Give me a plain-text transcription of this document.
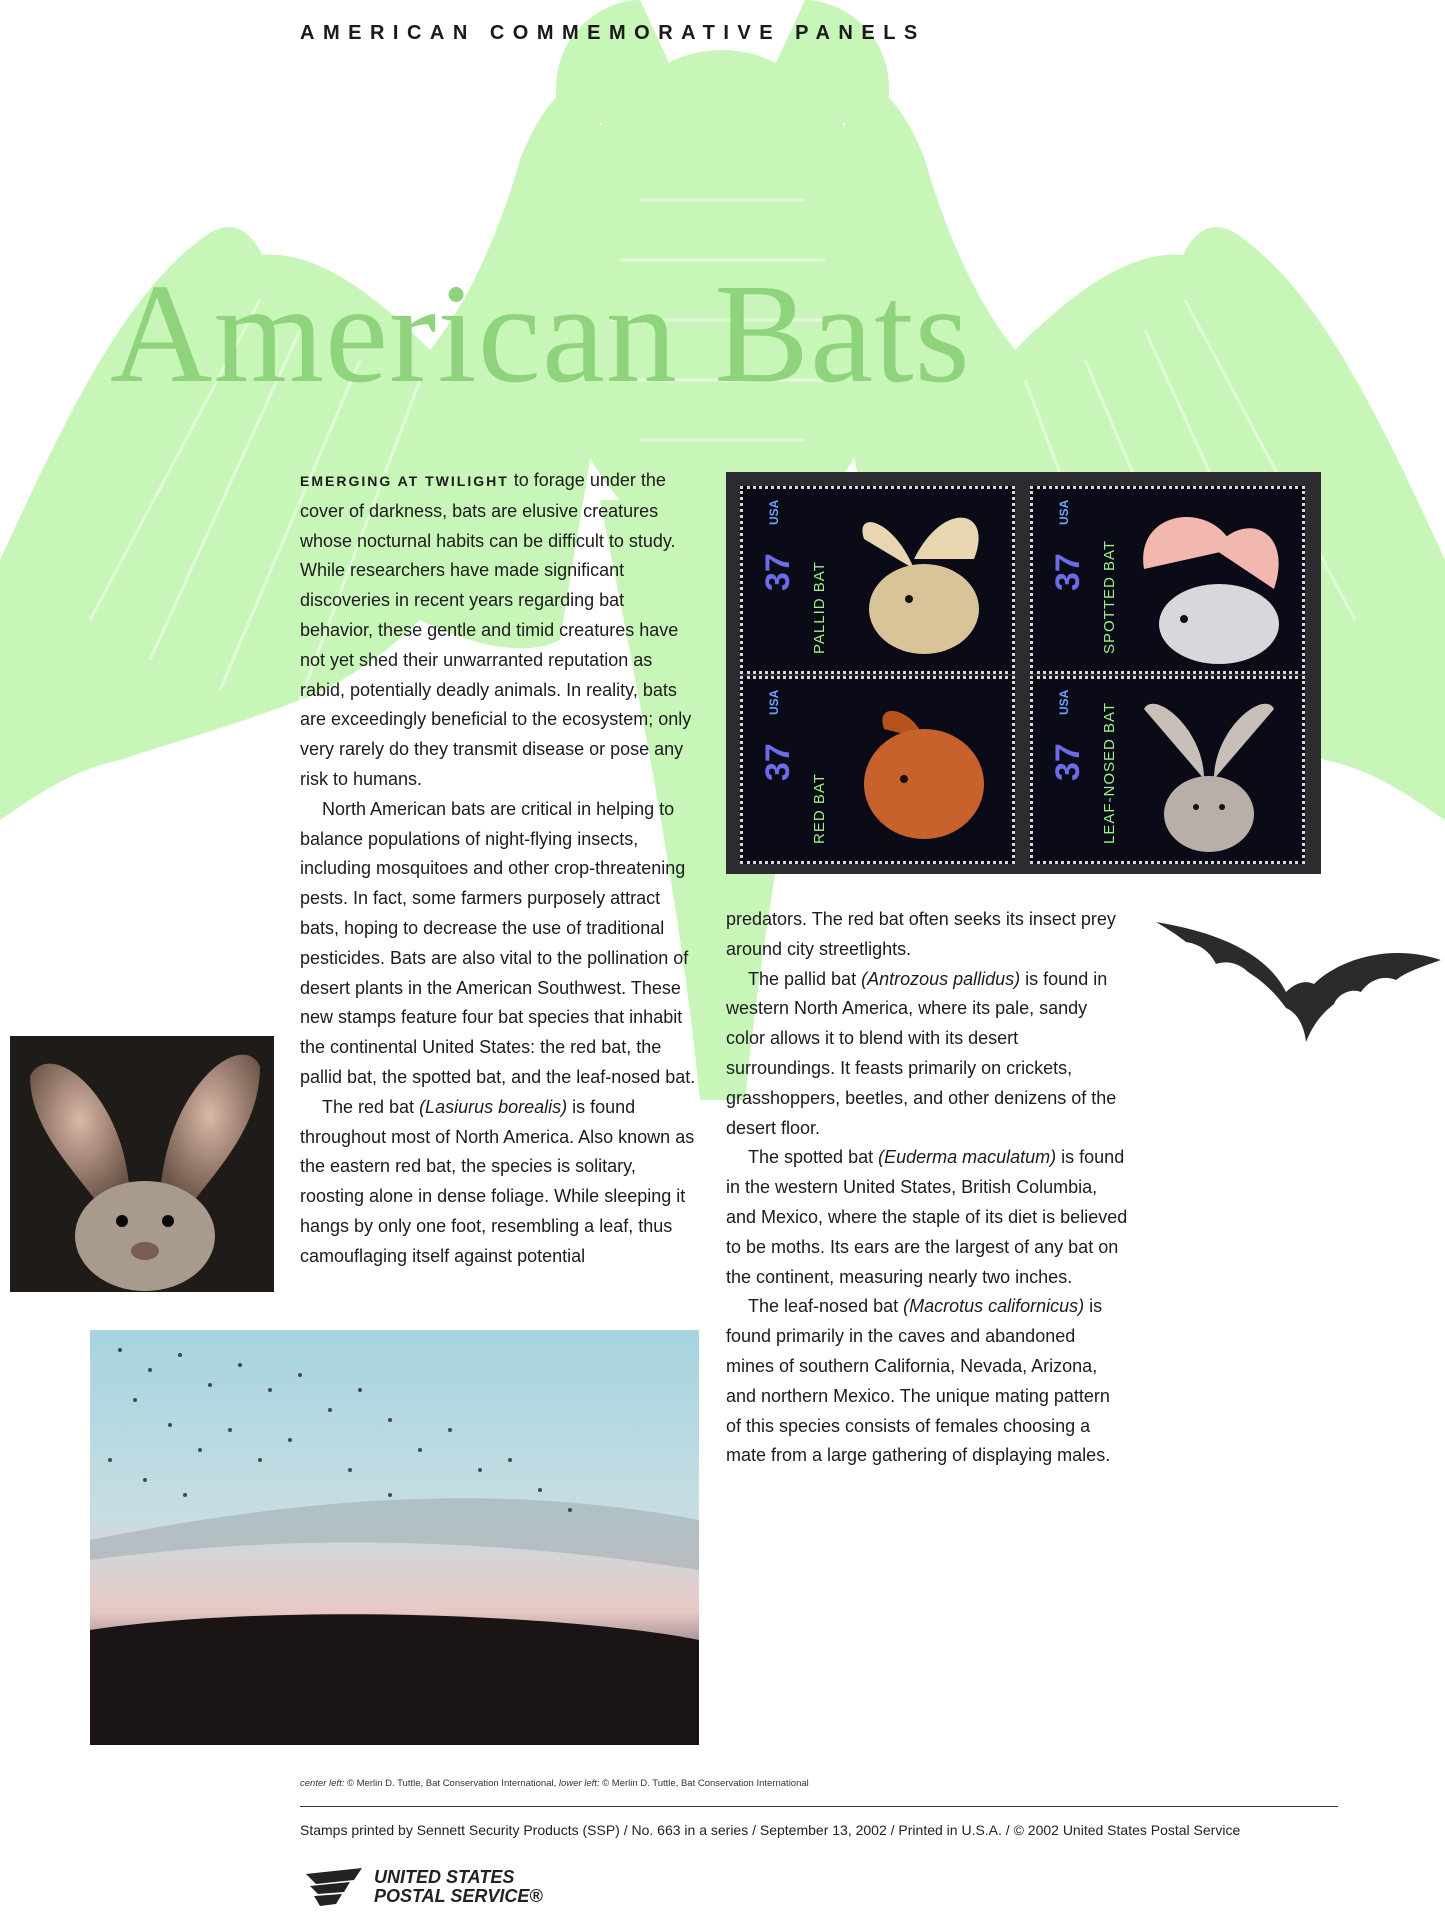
AMERICAN COMMEMORATIVE PANELS
American Bats

EMERGING AT TWILIGHT to forage under the cover of darkness, bats are elusive creatures whose nocturnal habits can be difficult to study. While researchers have made significant discoveries in recent years regarding bat behavior, these gentle and timid creatures have not yet shed their unwarranted reputation as rabid, potentially deadly animals. In reality, bats are exceedingly beneficial to the ecosystem; only very rarely do they transmit disease or pose any risk to humans.

North American bats are critical in helping to balance populations of night-flying insects, including mosquitoes and other crop-threatening pests. In fact, some farmers purposely attract bats, hoping to decrease the use of traditional pesticides. Bats are also vital to the pollination of desert plants in the American Southwest. These new stamps feature four bat species that inhabit the continental United States: the red bat, the pallid bat, the spotted bat, and the leaf-nosed bat.

The red bat (Lasiurus borealis) is found throughout most of North America. Also known as the eastern red bat, the species is solitary, roosting alone in dense foliage. While sleeping it hangs by only one foot, resembling a leaf, thus camouflaging itself against potential

predators. The red bat often seeks its insect prey around city streetlights.

The pallid bat (Antrozous pallidus) is found in western North America, where its pale, sandy color allows it to blend with its desert surroundings. It feasts primarily on crickets, grasshoppers, beetles, and other denizens of the desert floor.

The spotted bat (Euderma maculatum) is found in the western United States, British Columbia, and Mexico, where the staple of its diet is believed to be moths. Its ears are the largest of any bat on the continent, measuring nearly two inches.

The leaf-nosed bat (Macrotus californicus) is found primarily in the caves and abandoned mines of southern California, Nevada, Arizona, and northern Mexico. The unique mating pattern of this species consists of females choosing a mate from a large gathering of displaying males.

USA
37 PALLID BAT
USA
37 SPOTTED BAT
USA
37
RED BAT
USA
37 LEAF-NOSED BAT
center left: © Merlin D. Tuttle, Bat Conservation International, lower left: © Merlin D. Tuttle, Bat Conservation International
Stamps printed by Sennett Security Products (SSP) / No. 663 in a series / September 13, 2002 / Printed in U.S.A. / © 2002 United States Postal Service
UNITED STATES
POSTAL SERVICE®
